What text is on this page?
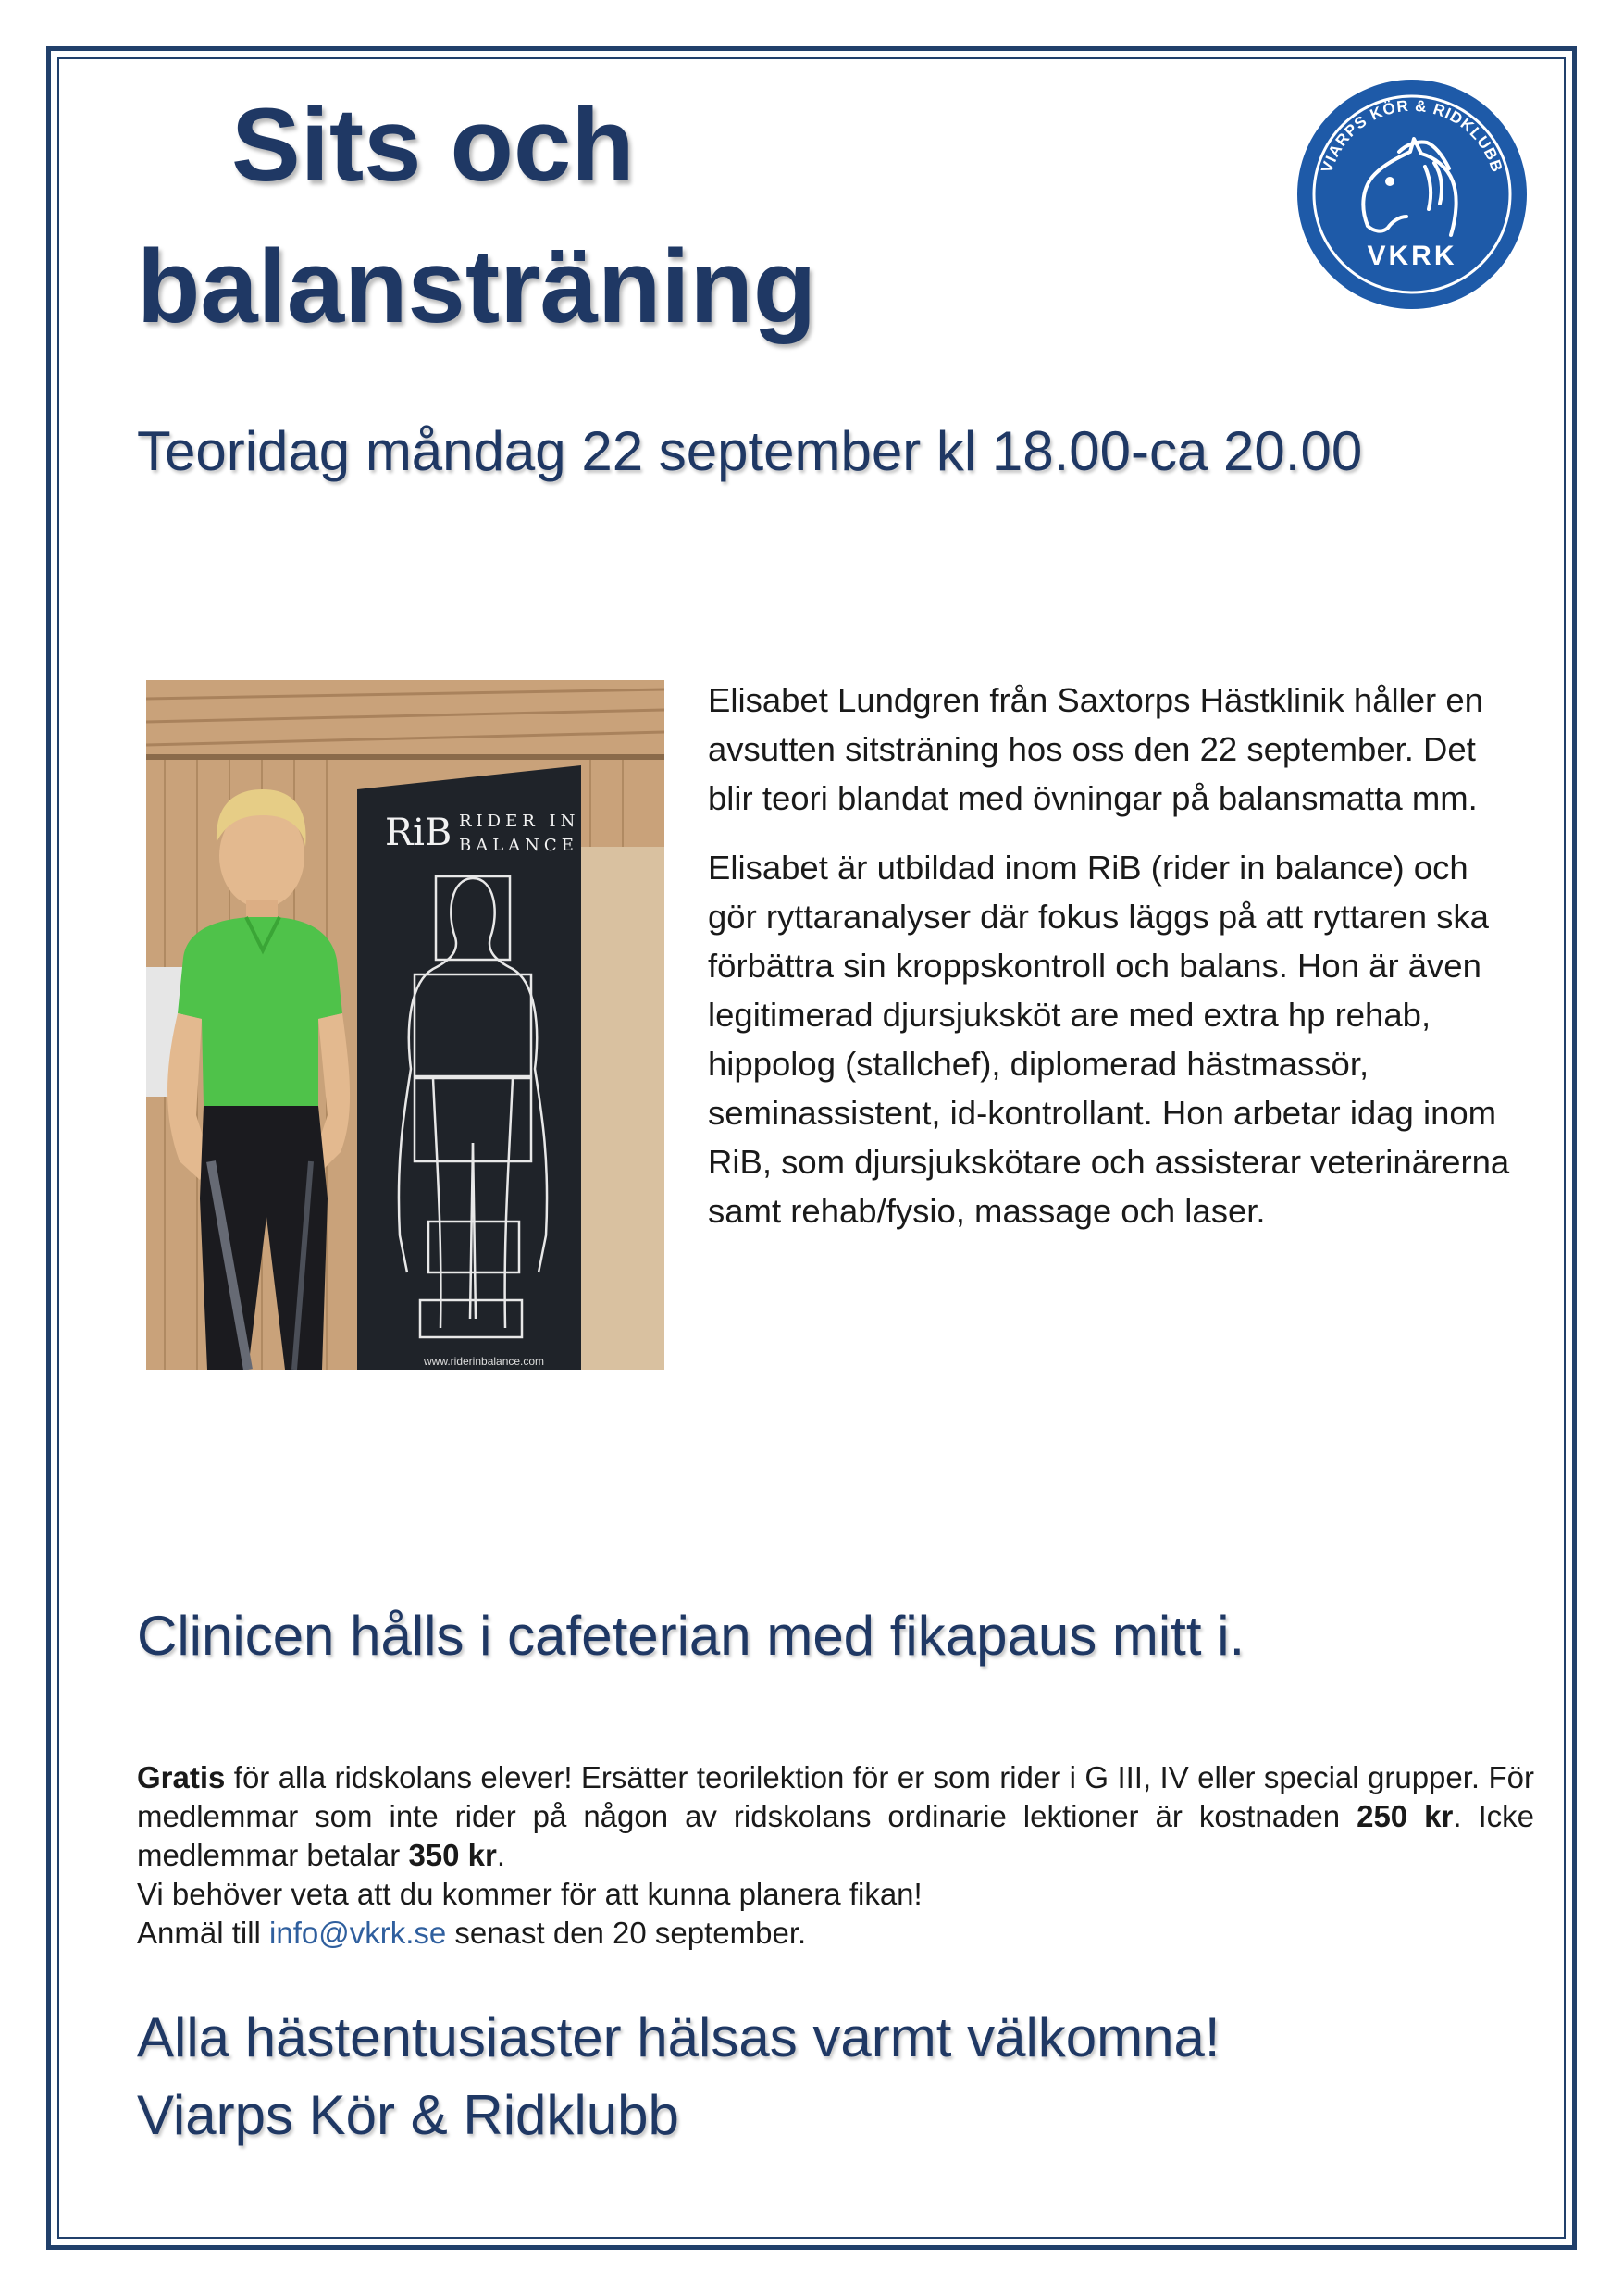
Sits och
balansträning
VIARPS KÖR & RIDKLUBB
VKRK
Teoridag måndag 22 september kl 18.00-ca 20.00
RiB RIDER IN
BALANCE
www.riderinbalance.com

Elisabet Lundgren från Saxtorps Hästklinik håller en avsutten sitsträning hos oss den 22 september. Det blir teori blandat med övningar på balansmatta mm.

Elisabet är utbildad inom RiB (rider in balance) och gör ryttaranalyser där fokus läggs på att ryttaren ska förbättra sin kroppskontroll och balans. Hon är även legitimerad djursjuksköt are med extra hp rehab, hippolog (stallchef), diplomerad hästmassör, seminassistent, id-kontrollant. Hon arbetar idag inom RiB, som djursjukskötare och assisterar veterinärerna samt rehab/fysio, massage och laser.

Clinicen hålls i cafeterian med fikapaus mitt i.
Gratis för alla ridskolans elever! Ersätter teorilektion för er som rider i G III, IV eller special grupper. För medlemmar som inte rider på någon av ridskolans ordinarie lektioner är kostnaden 250 kr. Icke medlemmar betalar 350 kr.
Vi behöver veta att du kommer för att kunna planera fikan!
Anmäl till info@vkrk.se senast den 20 september.
Alla hästentusiaster hälsas varmt välkomna!
Viarps Kör & Ridklubb
